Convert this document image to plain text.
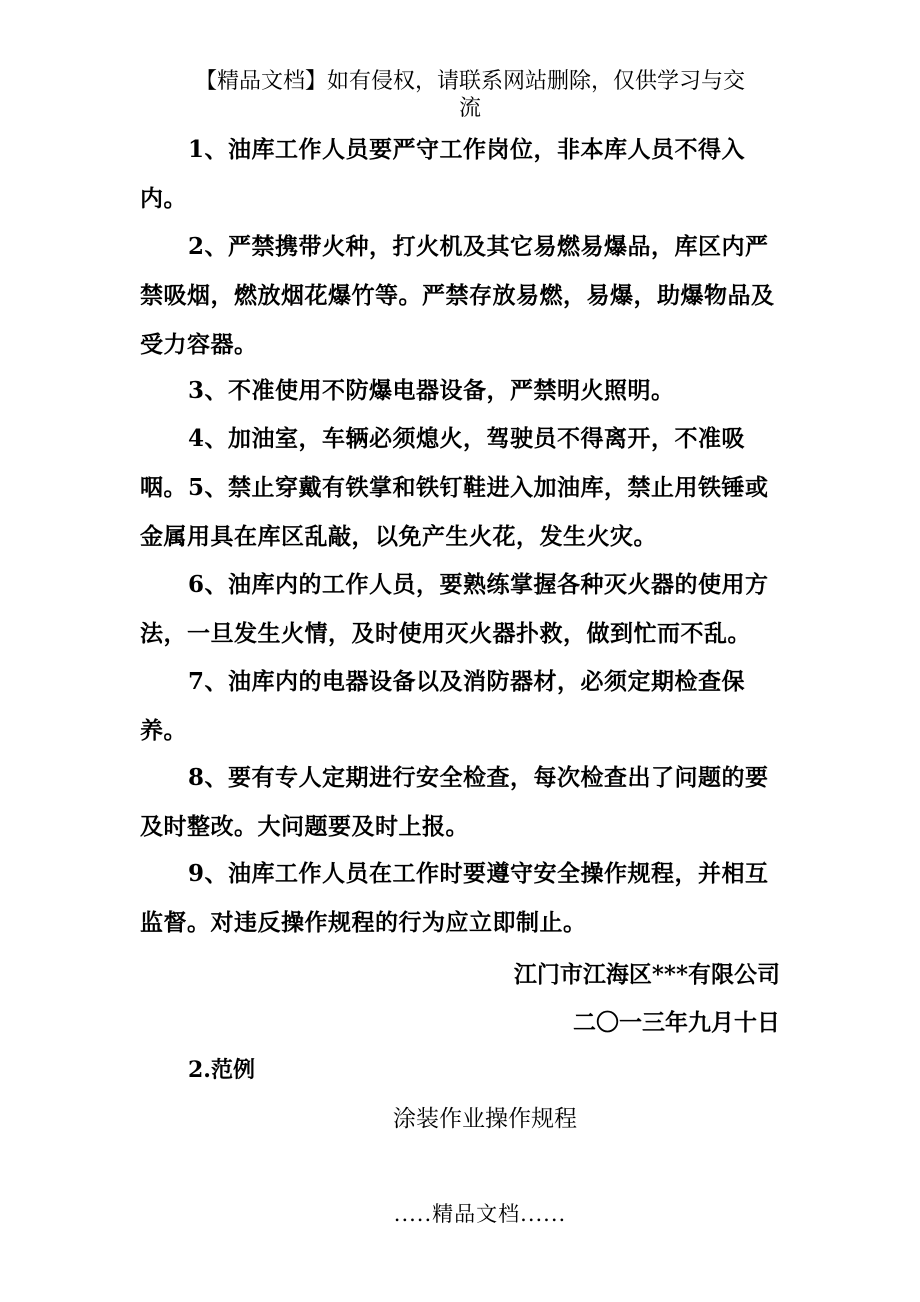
【精品文档】如有侵权，请联系网站删除，仅供学习与交
流

1、油库工作人员要严守工作岗位，非本库人员不得入内。

2、严禁携带火种，打火机及其它易燃易爆品，库区内严禁吸烟，燃放烟花爆竹等。严禁存放易燃，易爆，助爆物品及受力容器。

3、不准使用不防爆电器设备，严禁明火照明。

4、加油室，车辆必须熄火，驾驶员不得离开，不准吸咽。 5、禁止穿戴有铁掌和铁钉鞋进入加油库，禁止用铁锤或金属用具在库区乱敲，以免产生火花，发生火灾。

6、油库内的工作人员，要熟练掌握各种灭火器的使用方法，一旦发生火情，及时使用灭火器扑救，做到忙而不乱。

7、油库内的电器设备以及消防器材，必须定期检查保养。

8、要有专人定期进行安全检查，每次检查出了问题的要及时整改。大问题要及时上报。

9、油库工作人员在工作时要遵守安全操作规程，并相互监督。对违反操作规程的行为应立即制止。

江门市江海区***有限公司
二〇一三年九月十日
2.范例
涂装作业操作规程
.....精品文档......
